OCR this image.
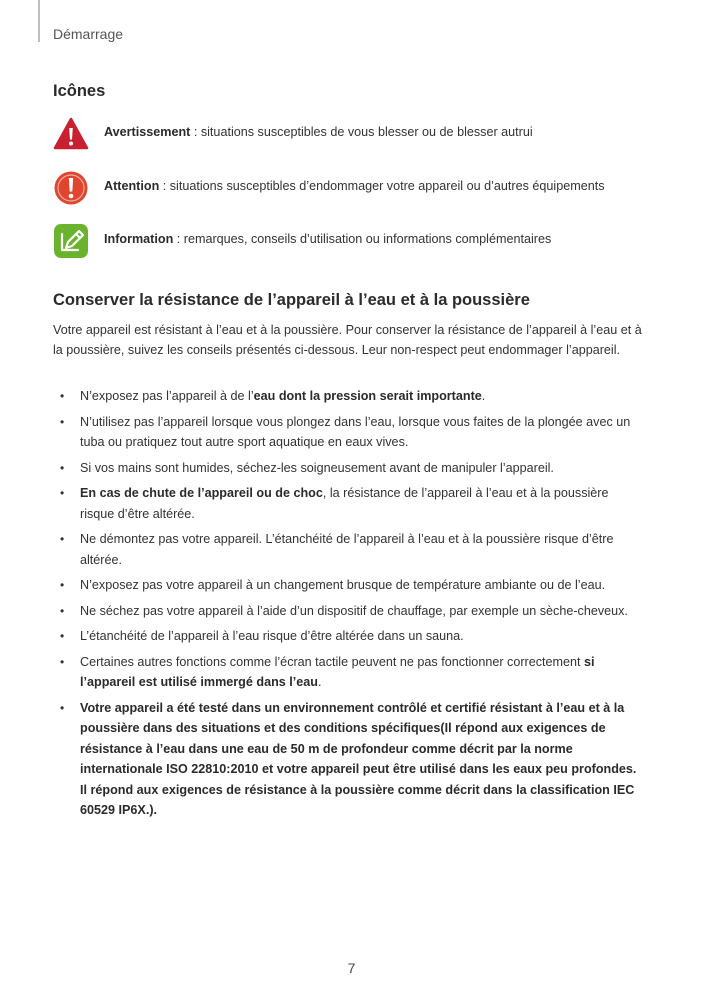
Démarrage
Icônes
Avertissement : situations susceptibles de vous blesser ou de blesser autrui
Attention : situations susceptibles d’endommager votre appareil ou d’autres équipements
Information : remarques, conseils d’utilisation ou informations complémentaires
Conserver la résistance de l’appareil à l’eau et à la poussière

Votre appareil est résistant à l’eau et à la poussière. Pour conserver la résistance de l’appareil à l’eau et à la poussière, suivez les conseils présentés ci-dessous. Leur non-respect peut endommager l’appareil.

• N’exposez pas l’appareil à de l’eau dont la pression serait importante.
• N’utilisez pas l’appareil lorsque vous plongez dans l’eau, lorsque vous faites de la plongée avec un tuba ou pratiquez tout autre sport aquatique en eaux vives.
• Si vos mains sont humides, séchez-les soigneusement avant de manipuler l’appareil.
• En cas de chute de l’appareil ou de choc, la résistance de l’appareil à l’eau et à la poussière risque d’être altérée.
• Ne démontez pas votre appareil. L’étanchéité de l’appareil à l’eau et à la poussière risque d’être altérée.
• N’exposez pas votre appareil à un changement brusque de température ambiante ou de l’eau.
• Ne séchez pas votre appareil à l’aide d’un dispositif de chauffage, par exemple un sèche-cheveux.
• L’étanchéité de l’appareil à l’eau risque d’être altérée dans un sauna.
• Certaines autres fonctions comme l’écran tactile peuvent ne pas fonctionner correctement si l’appareil est utilisé immergé dans l’eau.
• Votre appareil a été testé dans un environnement contrôlé et certifié résistant à l’eau et à la poussière dans des situations et des conditions spécifiques(Il répond aux exigences de résistance à l’eau dans une eau de 50 m de profondeur comme décrit par la norme internationale ISO 22810:2010 et votre appareil peut être utilisé dans les eaux peu profondes. Il répond aux exigences de résistance à la poussière comme décrit dans la classification IEC 60529 IP6X.).
7
